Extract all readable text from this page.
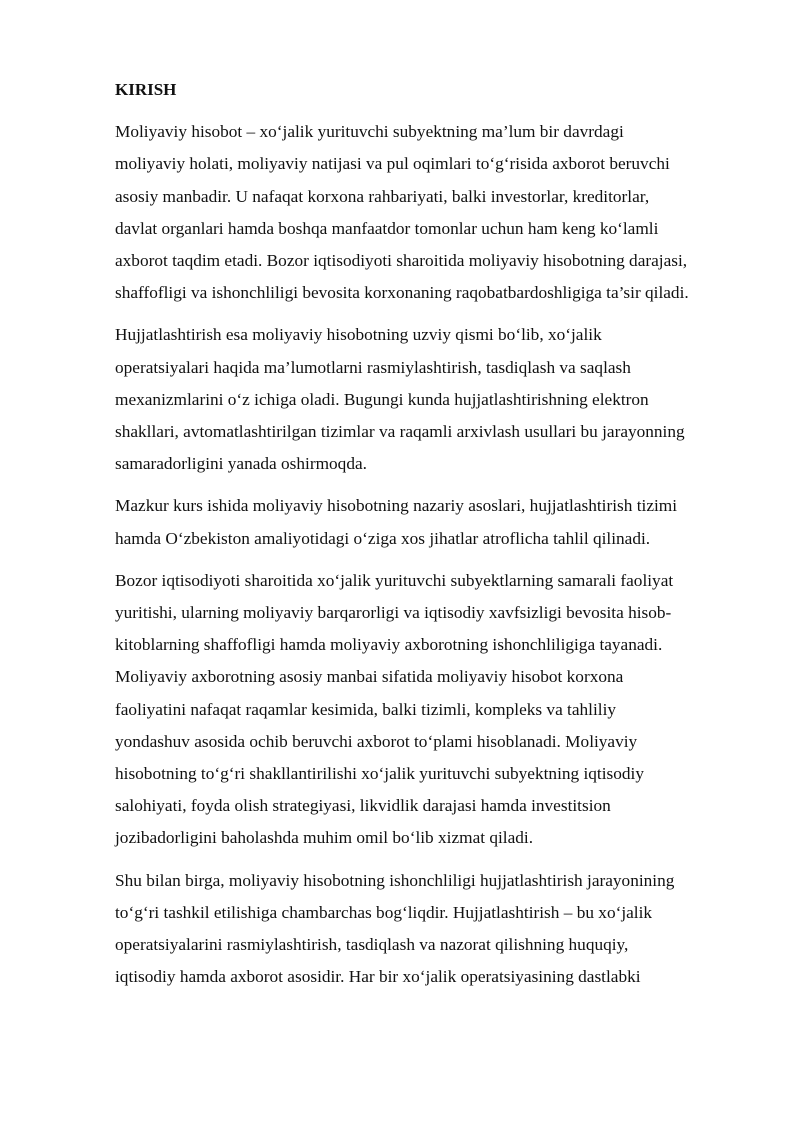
KIRISH
Moliyaviy hisobot – xo‘jalik yurituvchi subyektning ma’lum bir davrdagi
moliyaviy holati, moliyaviy natijasi va pul oqimlari to‘g‘risida axborot beruvchi
asosiy manbadir. U nafaqat korxona rahbariyati, balki investorlar, kreditorlar,
davlat organlari hamda boshqa manfaatdor tomonlar uchun ham keng ko‘lamli
axborot taqdim etadi. Bozor iqtisodiyoti sharoitida moliyaviy hisobotning darajasi,
shaffofligi va ishonchliligi bevosita korxonaning raqobatbardoshligiga ta’sir qiladi.
Hujjatlashtirish esa moliyaviy hisobotning uzviy qismi bo‘lib, xo‘jalik
operatsiyalari haqida ma’lumotlarni rasmiylashtirish, tasdiqlash va saqlash
mexanizmlarini o‘z ichiga oladi. Bugungi kunda hujjatlashtirishning elektron
shakllari, avtomatlashtirilgan tizimlar va raqamli arxivlash usullari bu jarayonning
samaradorligini yanada oshirmoqda.
Mazkur kurs ishida moliyaviy hisobotning nazariy asoslari, hujjatlashtirish tizimi
hamda O‘zbekiston amaliyotidagi o‘ziga xos jihatlar atroflicha tahlil qilinadi.
Bozor iqtisodiyoti sharoitida xo‘jalik yurituvchi subyektlarning samarali faoliyat
yuritishi, ularning moliyaviy barqarorligi va iqtisodiy xavfsizligi bevosita hisob-
kitoblarning shaffofligi hamda moliyaviy axborotning ishonchliligiga tayanadi.
Moliyaviy axborotning asosiy manbai sifatida moliyaviy hisobot korxona
faoliyatini nafaqat raqamlar kesimida, balki tizimli, kompleks va tahliliy
yondashuv asosida ochib beruvchi axborot to‘plami hisoblanadi. Moliyaviy
hisobotning to‘g‘ri shakllantirilishi xo‘jalik yurituvchi subyektning iqtisodiy
salohiyati, foyda olish strategiyasi, likvidlik darajasi hamda investitsion
jozibadorligini baholashda muhim omil bo‘lib xizmat qiladi.
Shu bilan birga, moliyaviy hisobotning ishonchliligi hujjatlashtirish jarayonining
to‘g‘ri tashkil etilishiga chambarchas bog‘liqdir. Hujjatlashtirish – bu xo‘jalik
operatsiyalarini rasmiylashtirish, tasdiqlash va nazorat qilishning huquqiy,
iqtisodiy hamda axborot asosidir. Har bir xo‘jalik operatsiyasining dastlabki
